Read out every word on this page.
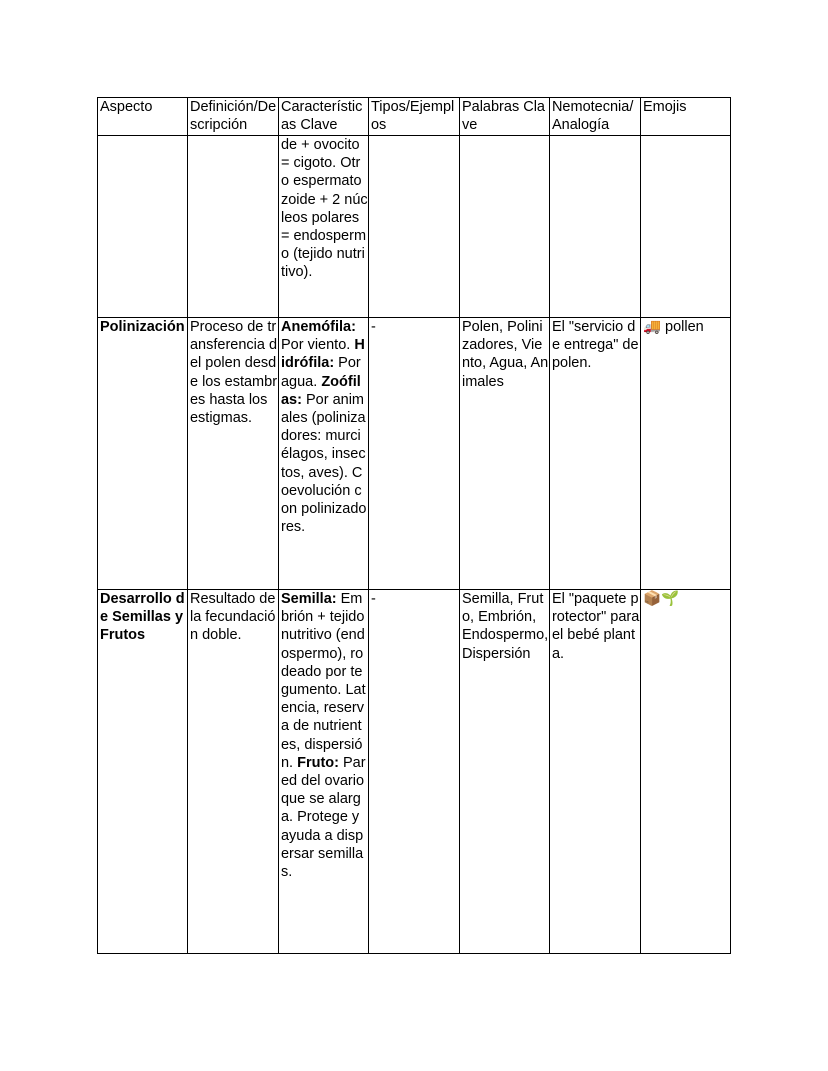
Aspecto	Definición/Descripción	Características Clave	Tipos/Ejemplos	Palabras Clave	Nemotecnia/Analogía	Emojis
		de + ovocito = cigoto. Otro espermatozoide + 2 núcleos polares = endospermo (tejido nutritivo).				
Polinización	Proceso de transferencia del polen desde los estambres hasta los estigmas.	Anemófila: Por viento. Hidrófila: Por agua. Zoófilas: Por animales (polinizadores: murciélagos, insectos, aves). Coevolución con polinizadores.	-	Polen, Polinizadores, Viento, Agua, Animales	El "servicio de entrega" de polen.	🚚 pollen
Desarrollo de Semillas y Frutos	Resultado de la fecundación doble.	Semilla: Embrión + tejido nutritivo (endospermo), rodeado por tegumento. Latencia, reserva de nutrientes, dispersión. Fruto: Pared del ovario que se alarga. Protege y ayuda a dispersar semillas.	-	Semilla, Fruto, Embrión, Endospermo, Dispersión	El "paquete protector" para el bebé planta.	📦🌱
